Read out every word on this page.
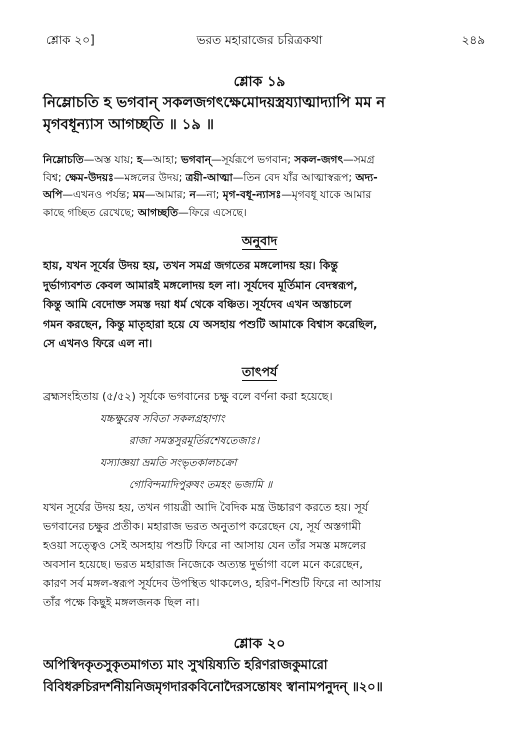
শ্লোক ২০]	ভরত মহারাজের চরিত্রকথা	২৪৯
শ্লোক ১৯
নিম্লোচতি হ ভগবান্ সকলজগৎক্ষেমোদয়স্ত্রয্যাত্মাদ্যাপি মম ন
মৃগবধূন্যাস আগচ্ছতি ॥ ১৯ ॥
নিম্লোচতি—অস্ত যায়; হ—আহা; ভগবান্—সূর্যরূপে ভগবান; সকল-জগৎ—সমগ্র
বিশ্ব; ক্ষেম-উদয়ঃ—মঙ্গলের উদয়; ত্রয়ী-আত্মা—তিন বেদ যাঁর আত্মাস্বরূপ; অদ্য-
অপি—এখনও পর্যন্ত; মম—আমার; ন—না; মৃগ-বধূ-ন্যাসঃ—মৃগবধূ যাকে আমার
কাছে গচ্ছিত রেখেছে; আগচ্ছতি—ফিরে এসেছে।
অনুবাদ
হায়, যখন সূর্যের উদয় হয়, তখন সমগ্র জগতের মঙ্গলোদয় হয়। কিন্তু
দুর্ভাগ্যবশত কেবল আমারই মঙ্গলোদয় হল না। সূর্যদেব মূর্তিমান বেদস্বরূপ,
কিন্তু আমি বেদোক্ত সমস্ত দয়া ধর্ম থেকে বঞ্চিত। সূর্যদেব এখন অস্তাচলে
গমন করছেন, কিন্তু মাতৃহারা হয়ে যে অসহায় পশুটি আমাকে বিশ্বাস করেছিল,
সে এখনও ফিরে এল না।
তাৎপর্য
ব্রহ্মসংহিতায় (৫/৫২) সূর্যকে ভগবানের চক্ষু বলে বর্ণনা করা হয়েছে।
যচ্চক্ষুরেষ সবিতা সকলগ্রহাণাং
রাজা সমস্তসুরমূর্তিরশেষতেজাঃ।
যস্যাজ্ঞয়া ভ্রমতি সংভৃতকালচক্রো
গোবিন্দমাদিপুরুষং তমহং ভজামি ॥
যখন সূর্যের উদয় হয়, তখন গায়ত্রী আদি বৈদিক মন্ত্র উচ্চারণ করতে হয়। সূর্য
ভগবানের চক্ষুর প্রতীক। মহারাজ ভরত অনুতাপ করেছেন যে, সূর্য অস্তগামী
হওয়া সত্ত্বেও সেই অসহায় পশুটি ফিরে না আসায় যেন তাঁর সমস্ত মঙ্গলের
অবসান হয়েছে। ভরত মহারাজ নিজেকে অত্যন্ত দুর্ভাগা বলে মনে করেছেন,
কারণ সর্ব মঙ্গল-স্বরূপ সূর্যদেব উপস্থিত থাকলেও, হরিণ-শিশুটি ফিরে না আসায়
তাঁর পক্ষে কিছুই মঙ্গলজনক ছিল না।
শ্লোক ২০
অপিস্বিদকৃতসুকৃতমাগত্য মাং সুখয়িষ্যতি হরিণরাজকুমারো
বিবিধরুচিরদর্শনীয়নিজমৃগদারকবিনোদৈরসন্তোষং স্বানামপনুদন্ ॥২০॥
